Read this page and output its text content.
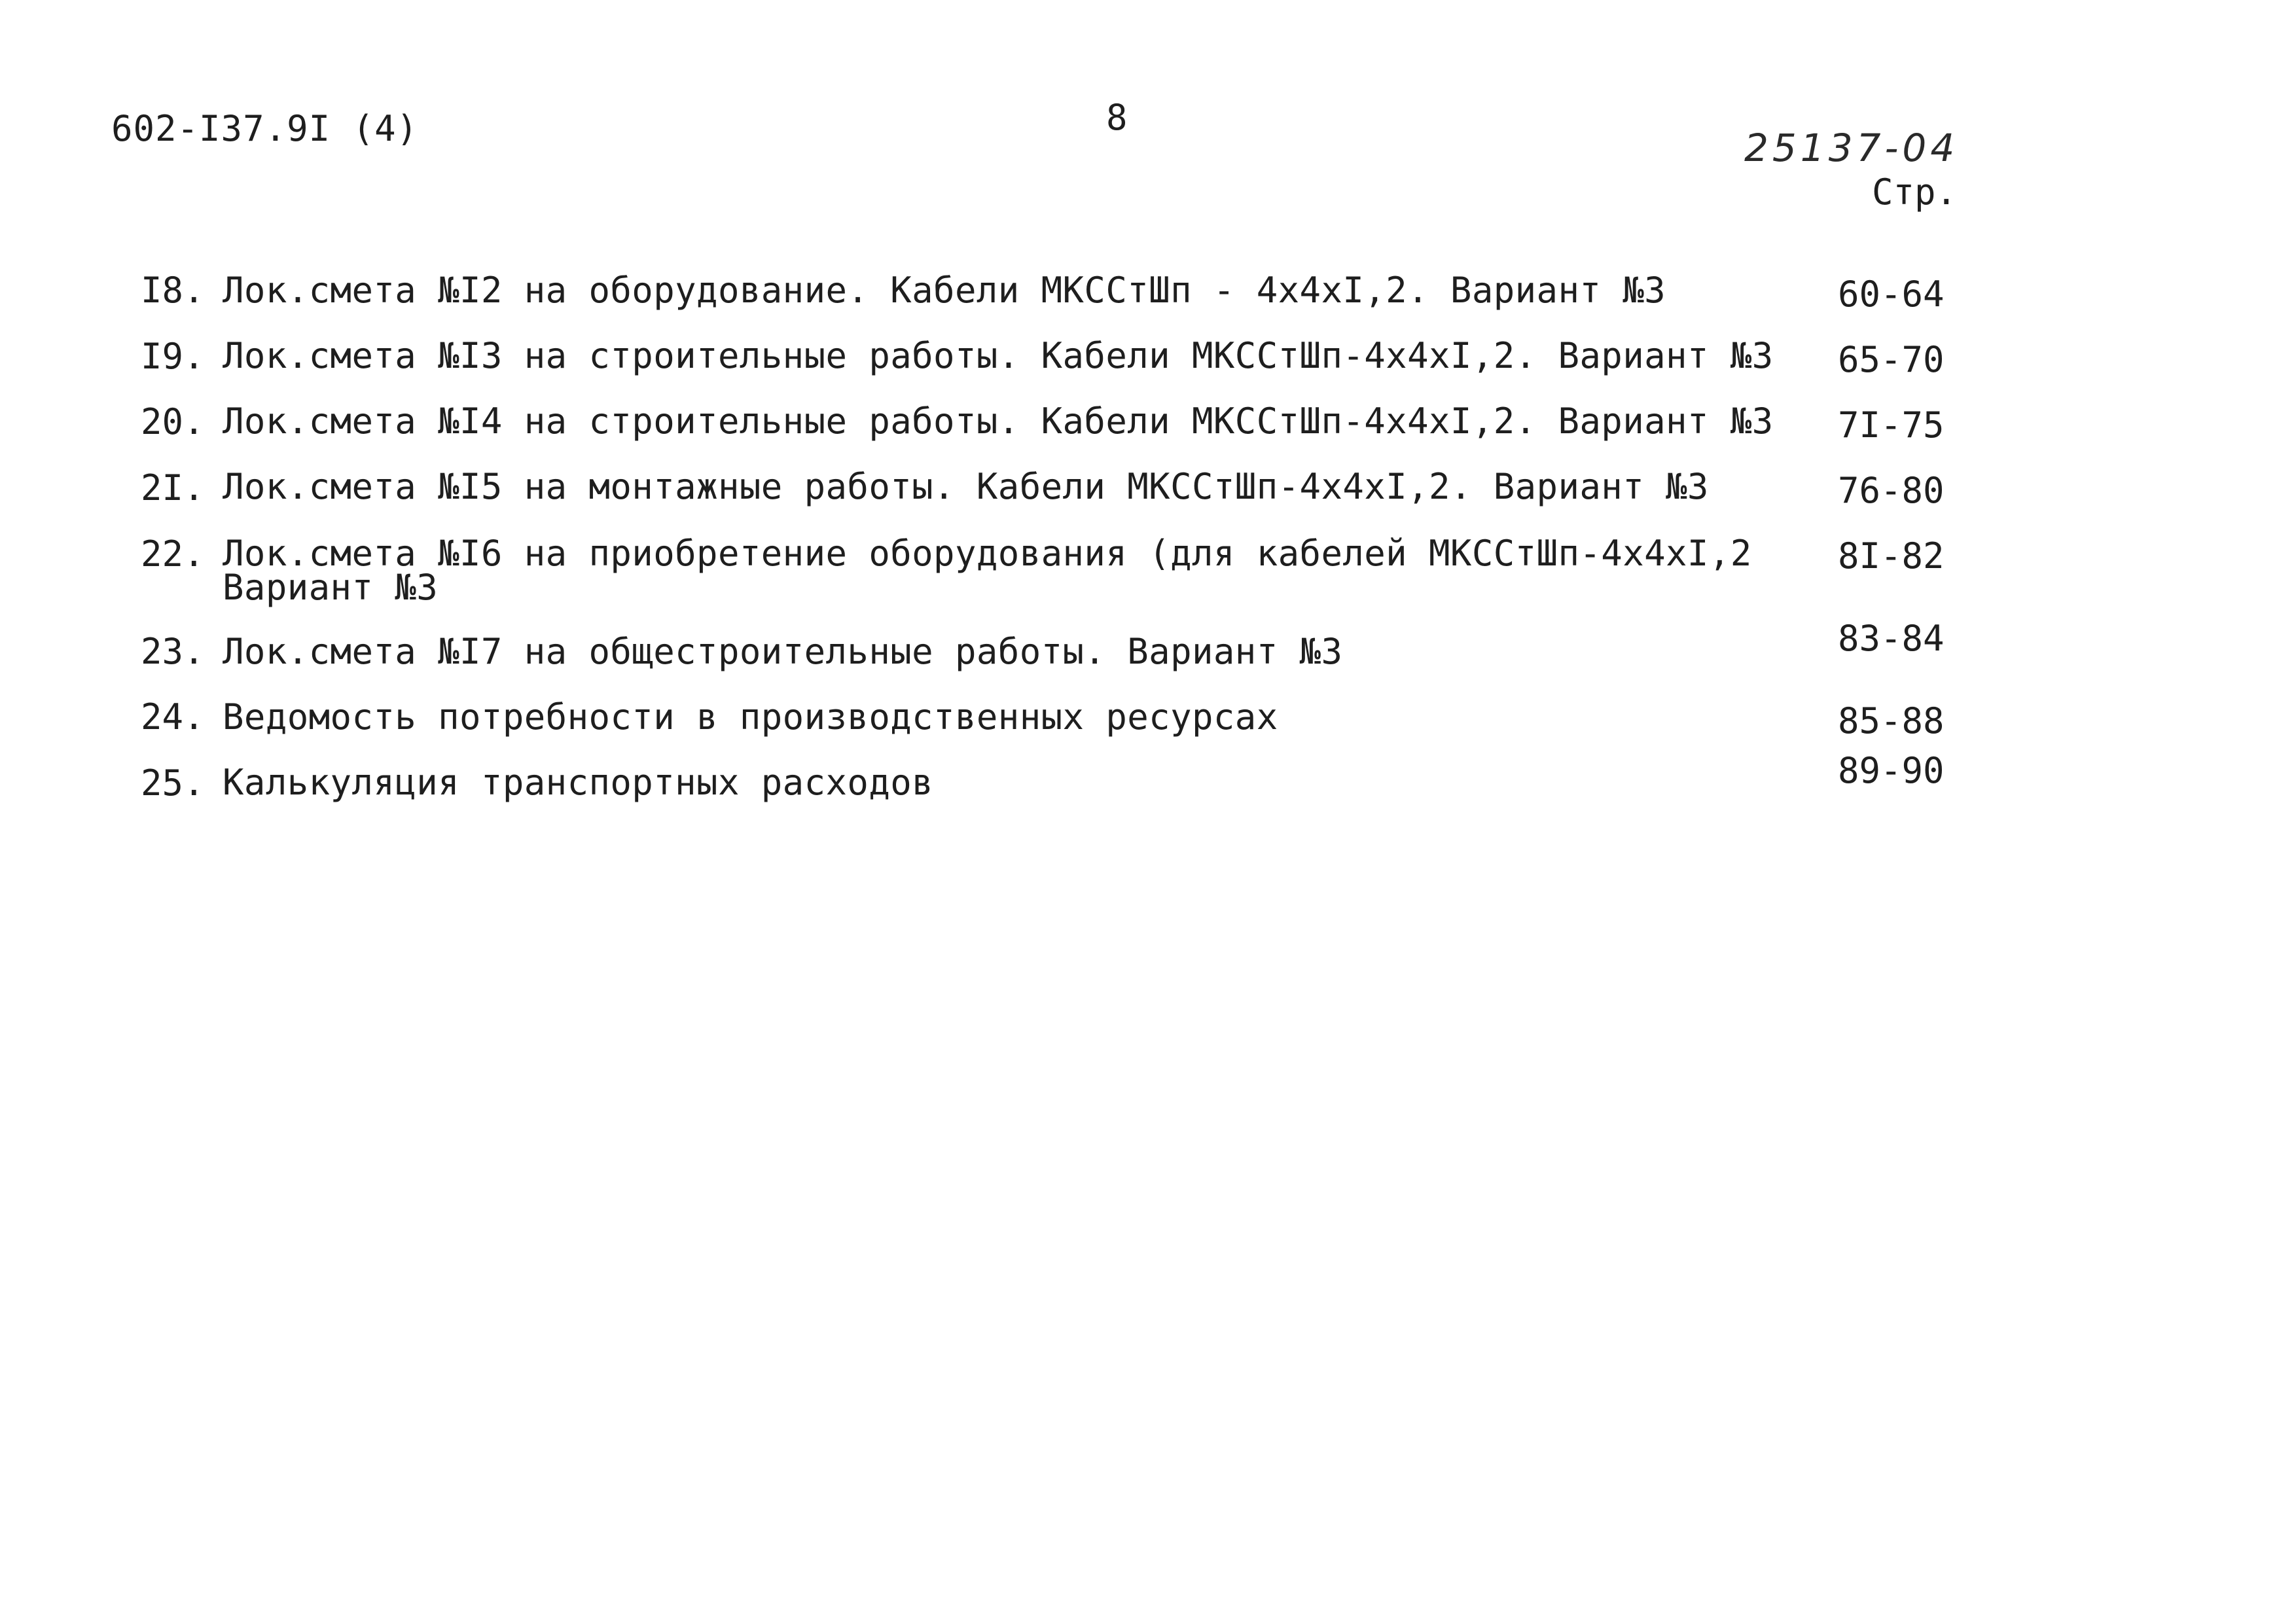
602-I37.9I (4)	8
25137-04
Стр.
I8. Лок.смета №I2 на оборудование. Кабели МКССтШп - 4х4хI,2. Вариант №3	60-64
I9. Лок.смета №I3 на строительные работы. Кабели МКССтШп-4х4хI,2. Вариант №3 65-70
20. Лок.смета №I4 на строительные работы. Кабели МКССтШп-4х4хI,2. Вариант №3 7I-75
2I. Лок.смета №I5 на монтажные работы. Кабели МКССтШп-4х4хI,2. Вариант №3	76-80
22. Лок.смета №I6 на приобретение оборудования (для кабелей МКССтШп-4х4хI,2
Вариант №3
8I-82
23. Лок.смета №I7 на общестроительные работы. Вариант №3	83-84
24. Ведомость потребности в производственных ресурсах	85-88
25. Калькуляция транспортных расходов	89-90
